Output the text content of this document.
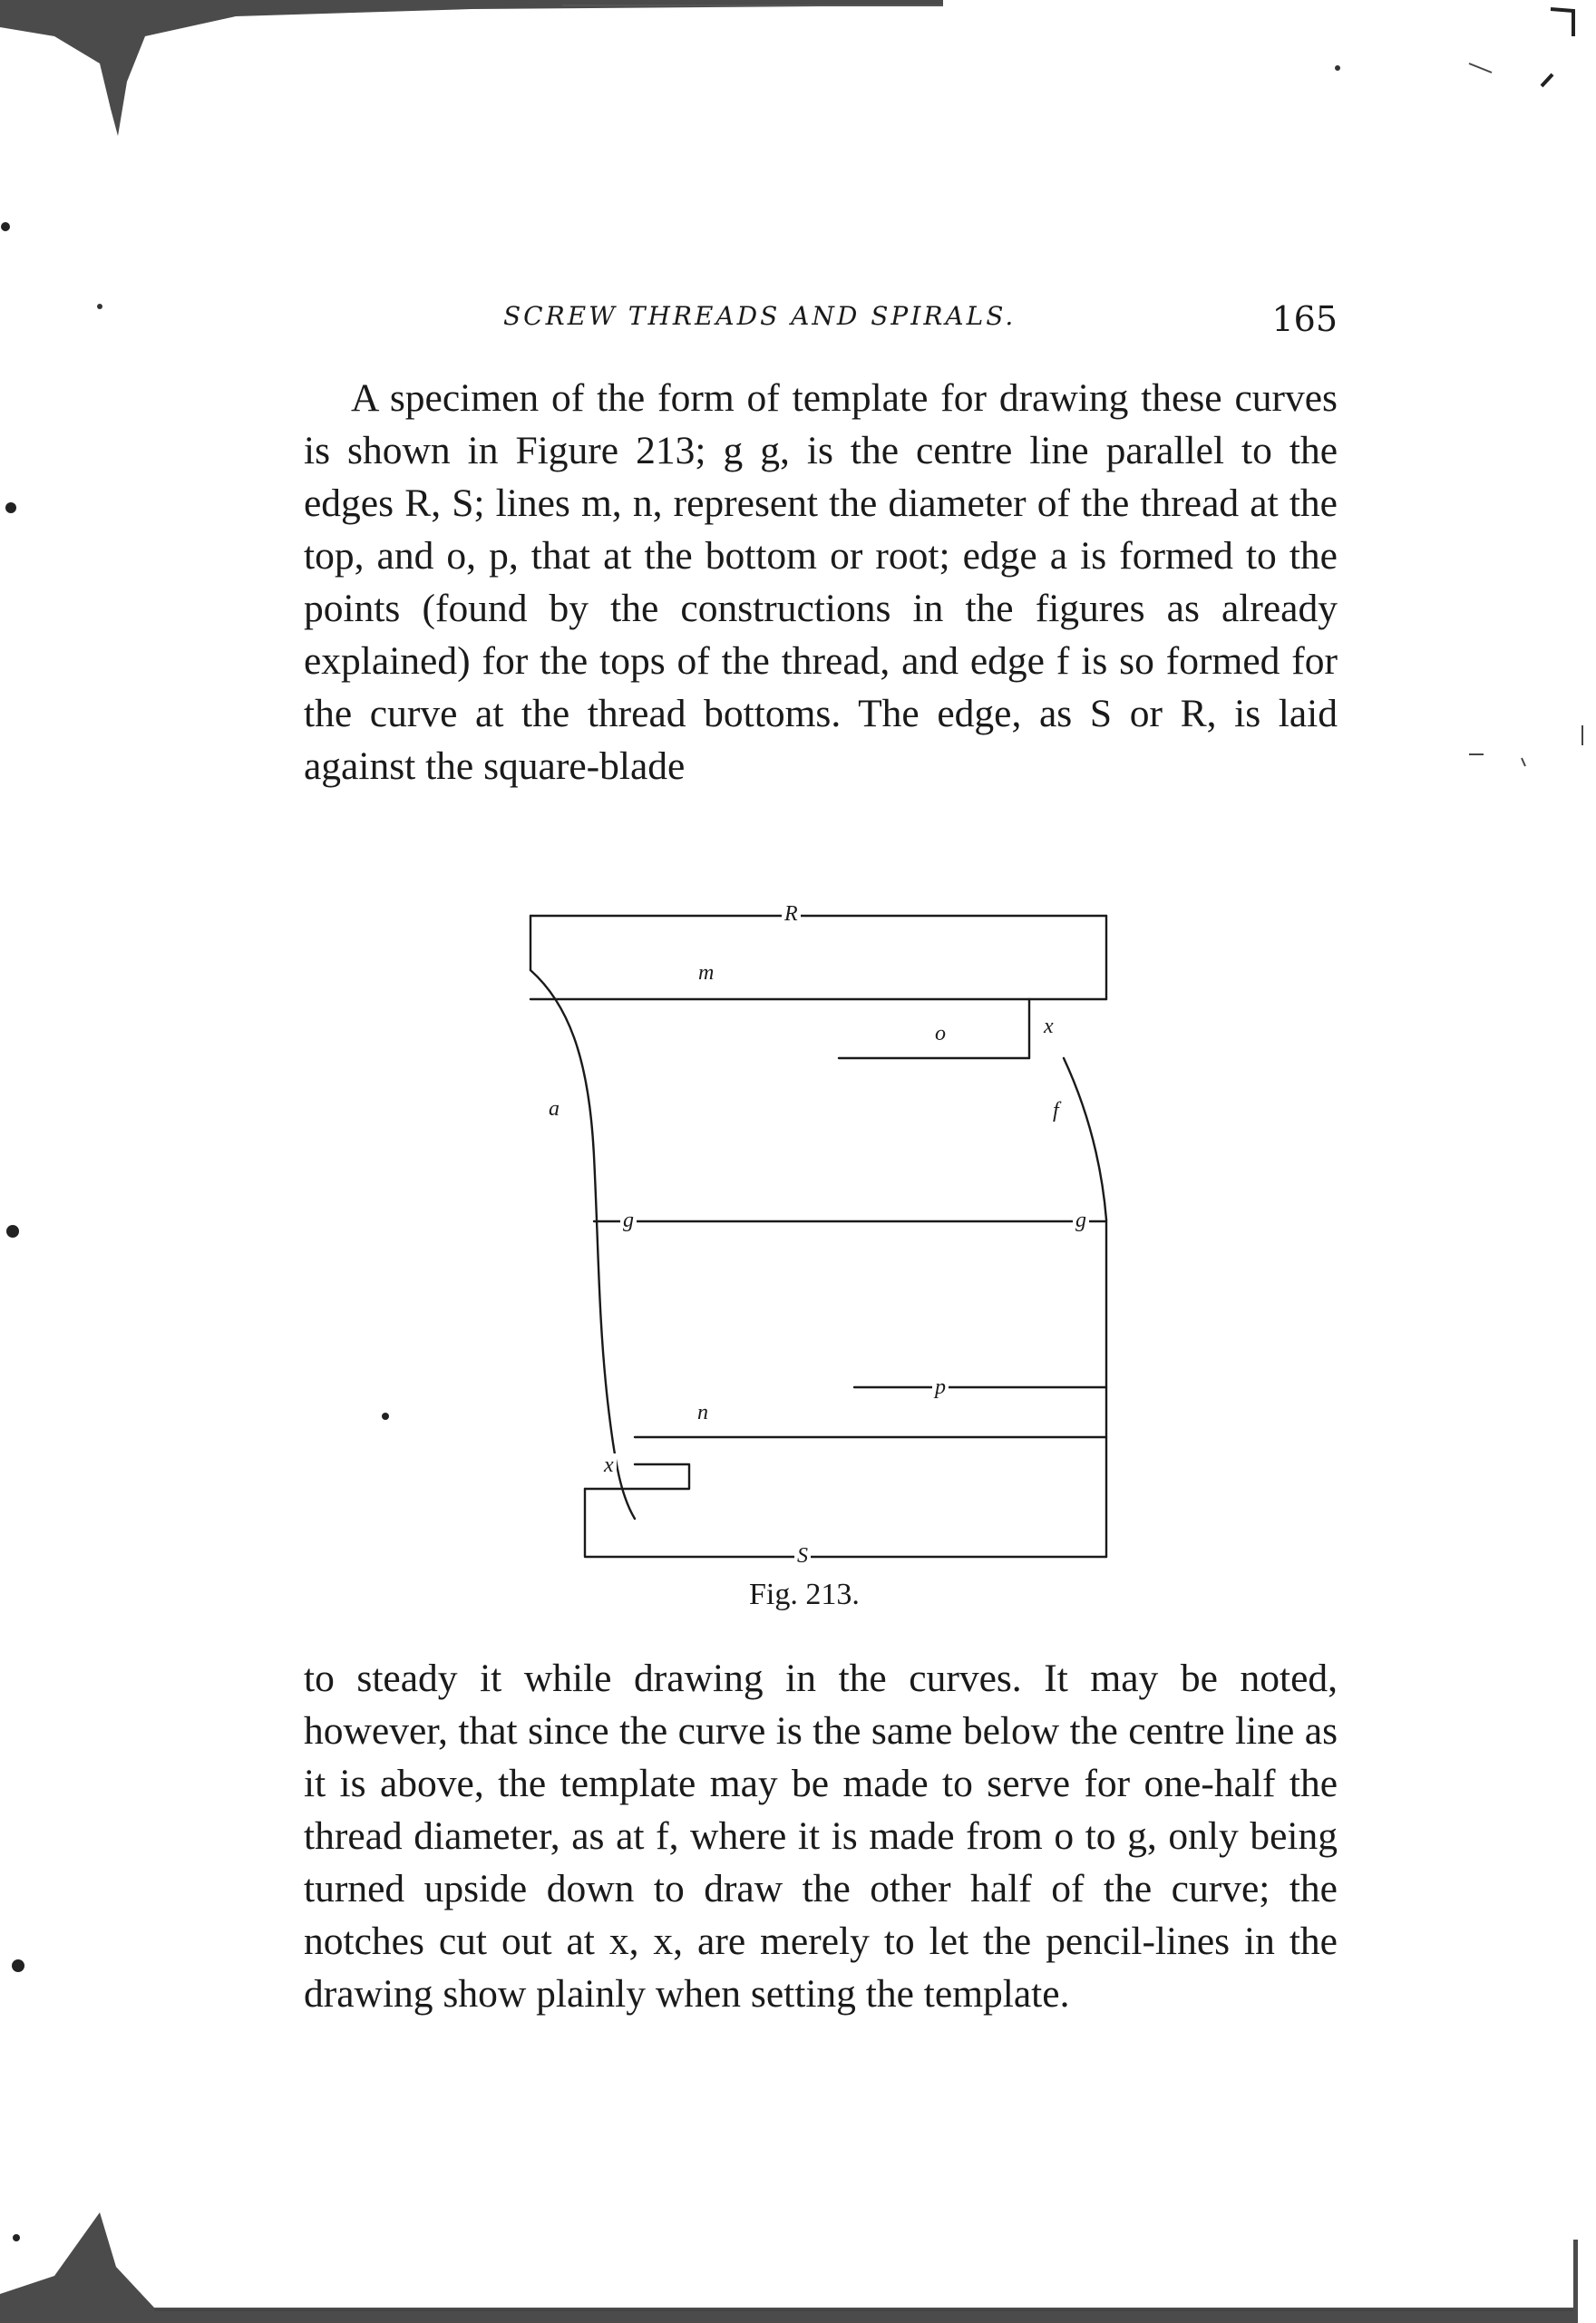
SCREW THREADS AND SPIRALS.	165

A specimen of the form of template for drawing these curves is shown in Figure 213; g g, is the centre line parallel to the edges R, S; lines m, n, represent the diameter of the thread at the top, and o, p, that at the bottom or root; edge a is formed to the points (found by the constructions in the figures as already explained) for the tops of the thread, and edge f is so formed for the curve at the thread bottoms. The edge, as S or R, is laid against the square-blade

R
m
o	x
a	f
g	g
p
n
x
S
Fig. 213.

to steady it while drawing in the curves. It may be noted, however, that since the curve is the same below the centre line as it is above, the template may be made to serve for one-half the thread diameter, as at f, where it is made from o to g, only being turned upside down to draw the other half of the curve; the notches cut out at x, x, are merely to let the pencil-lines in the drawing show plainly when setting the template.
